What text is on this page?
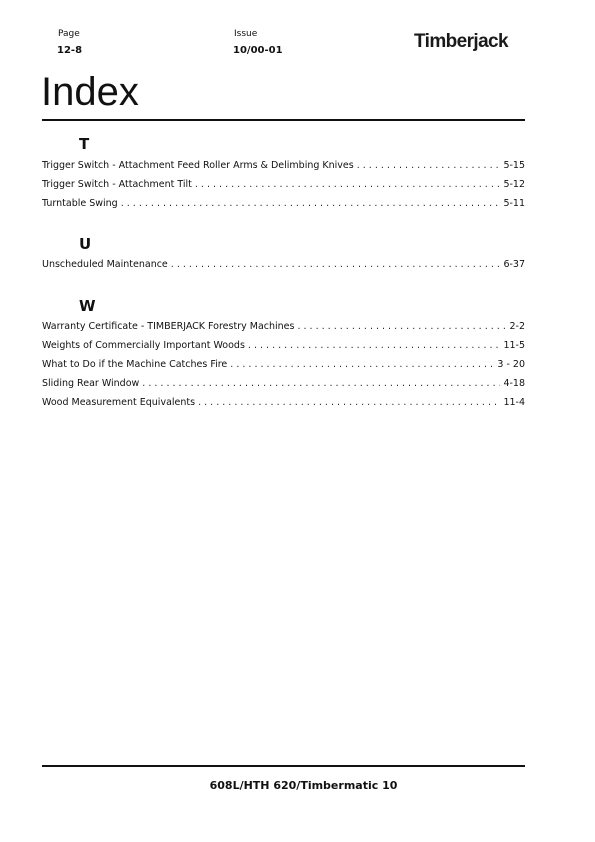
Page
12-8
Issue
10/00-01	Timberjack
Index
T
Trigger Switch - Attachment Feed Roller Arms & Delimbing Knives . . .	5-15
Trigger Switch - Attachment Tilt . . .	5-12
Turntable Swing . . .	5-11
U
Unscheduled Maintenance . . .	6-37
W
Warranty Certificate - TIMBERJACK Forestry Machines . . .	2-2
Weights of Commercially Important Woods . . .	11-5
What to Do if the Machine Catches Fire . . .	3 - 20
Sliding Rear Window . . .	4-18
Wood Measurement Equivalents . . .	11-4
608L/HTH 620/Timbermatic 10
